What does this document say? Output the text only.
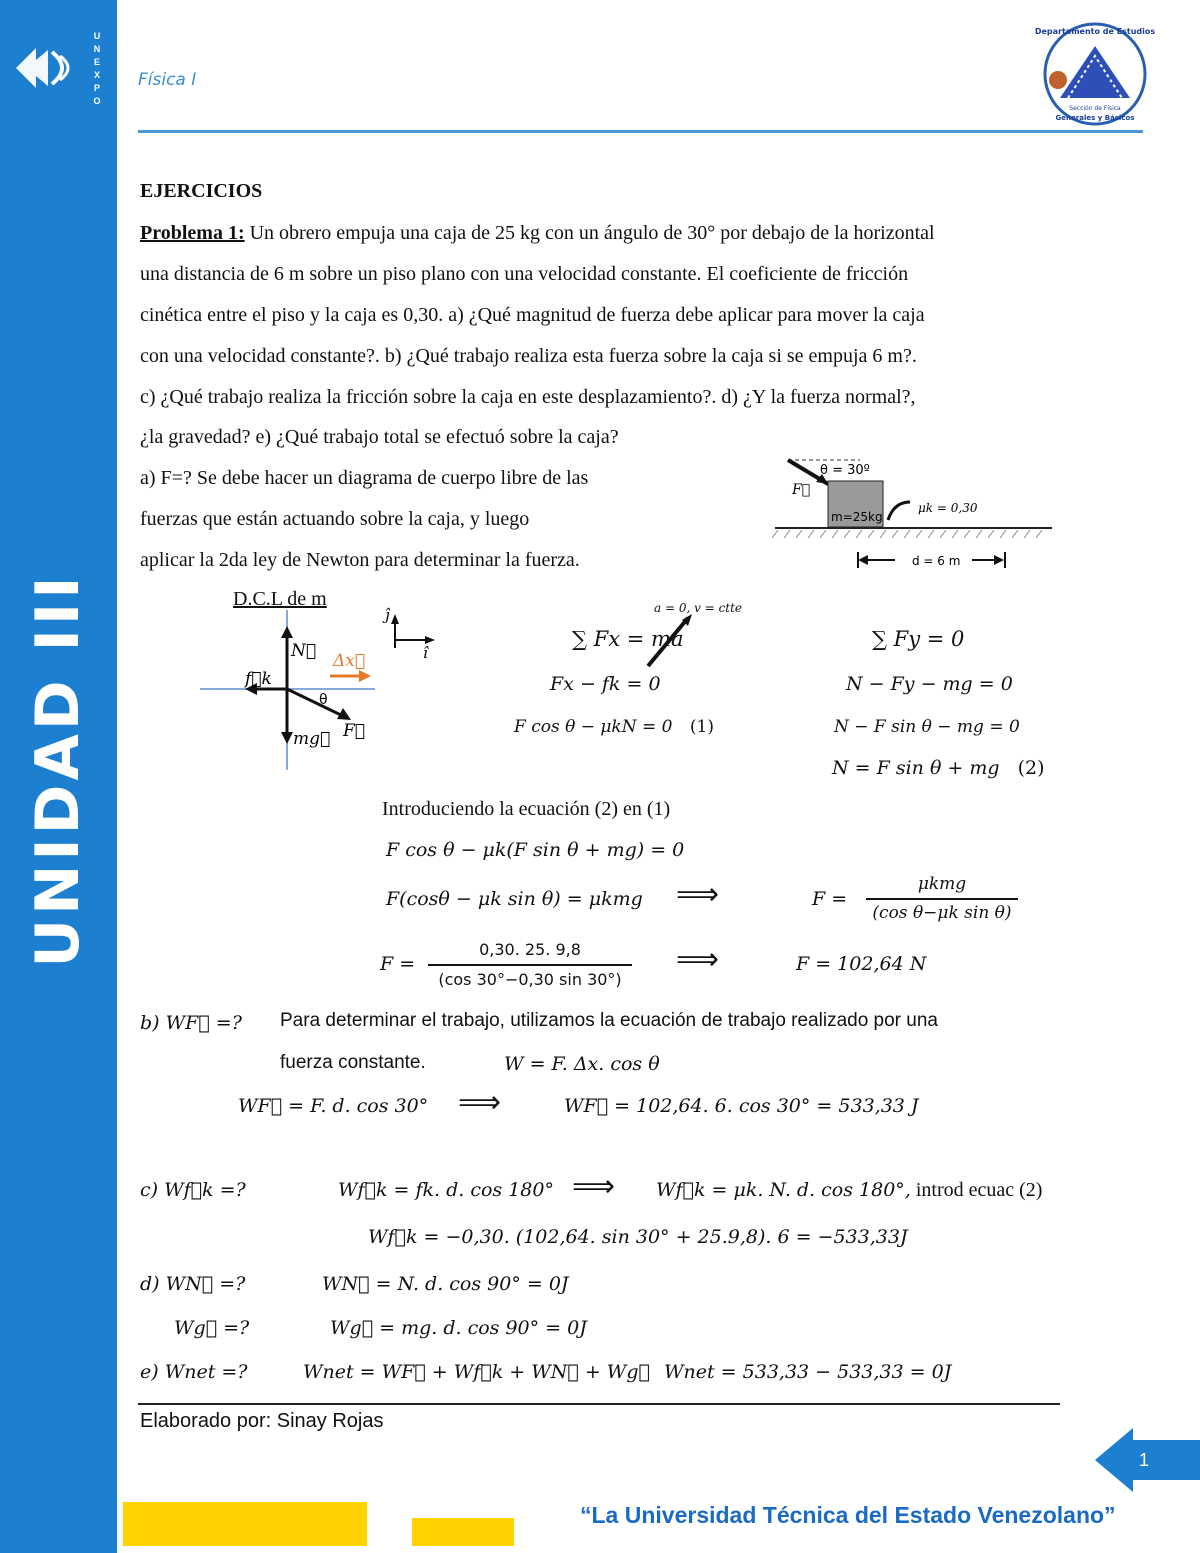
U
N
E
X
P
O
UNIDAD III
Física I
Departamento de Estudios
Sección de Física
Generales y Básicos
EJERCICIOS
Problema 1: Un obrero empuja una caja de 25 kg con un ángulo de 30° por debajo de la horizontal
una distancia de 6 m sobre un piso plano con una velocidad constante. El coeficiente de fricción
cinética entre el piso y la caja es 0,30. a) ¿Qué magnitud de fuerza debe aplicar para mover la caja
con una velocidad constante?. b) ¿Qué trabajo realiza esta fuerza sobre la caja si se empuja 6 m?.
c) ¿Qué trabajo realiza la fricción sobre la caja en este desplazamiento?. d) ¿Y la fuerza normal?,
¿la gravedad? e) ¿Qué trabajo total se efectuó sobre la caja?
a) F=? Se debe hacer un diagrama de cuerpo libre de las
fuerzas que están actuando sobre la caja, y luego
aplicar la 2da ley de Newton para determinar la fuerza.
θ = 30º
F⃗
m=25kg
μk = 0,30
d = 6 m
D.C.L de m
N⃗
f⃗k
Δx⃗
θ
F⃗
mg⃗
ĵ
î
a = 0, v = ctte
∑ Fx = ma
Fx − fk = 0
F cos θ − μkN = 0 (1)
∑ Fy = 0
N − Fy − mg = 0
N − F sin θ − mg = 0
N = F sin θ + mg (2)
Introduciendo la ecuación (2) en (1)
F cos θ − μk(F sin θ + mg) = 0
F(cosθ − μk sin θ) = μkmg ⟹	F =
μkmg
(cos θ−μk sin θ)
F =
0,30. 25. 9,8
(cos 30°−0,30 sin 30°)
⟹	F = 102,64 N
b) WF⃗ =? Para determinar el trabajo, utilizamos la ecuación de trabajo realizado por una
fuerza constante.	W = F. Δx. cos θ
WF⃗ = F. d. cos 30° ⟹	WF⃗ = 102,64. 6. cos 30° = 533,33 J
c) Wf⃗k =?	Wf⃗k = fk. d. cos 180° ⟹ Wf⃗k = μk. N. d. cos 180°, introd ecuac (2)
Wf⃗k = −0,30. (102,64. sin 30° + 25.9,8). 6 = −533,33J
d) WN⃗ =?	WN⃗ = N. d. cos 90° = 0J
Wg⃗ =?	Wg⃗ = mg. d. cos 90° = 0J
e) Wnet =?	Wnet = WF⃗ + Wf⃗k + WN⃗ + Wg⃗ Wnet = 533,33 − 533,33 = 0J
Elaborado por: Sinay Rojas
1
“La Universidad Técnica del Estado Venezolano”
